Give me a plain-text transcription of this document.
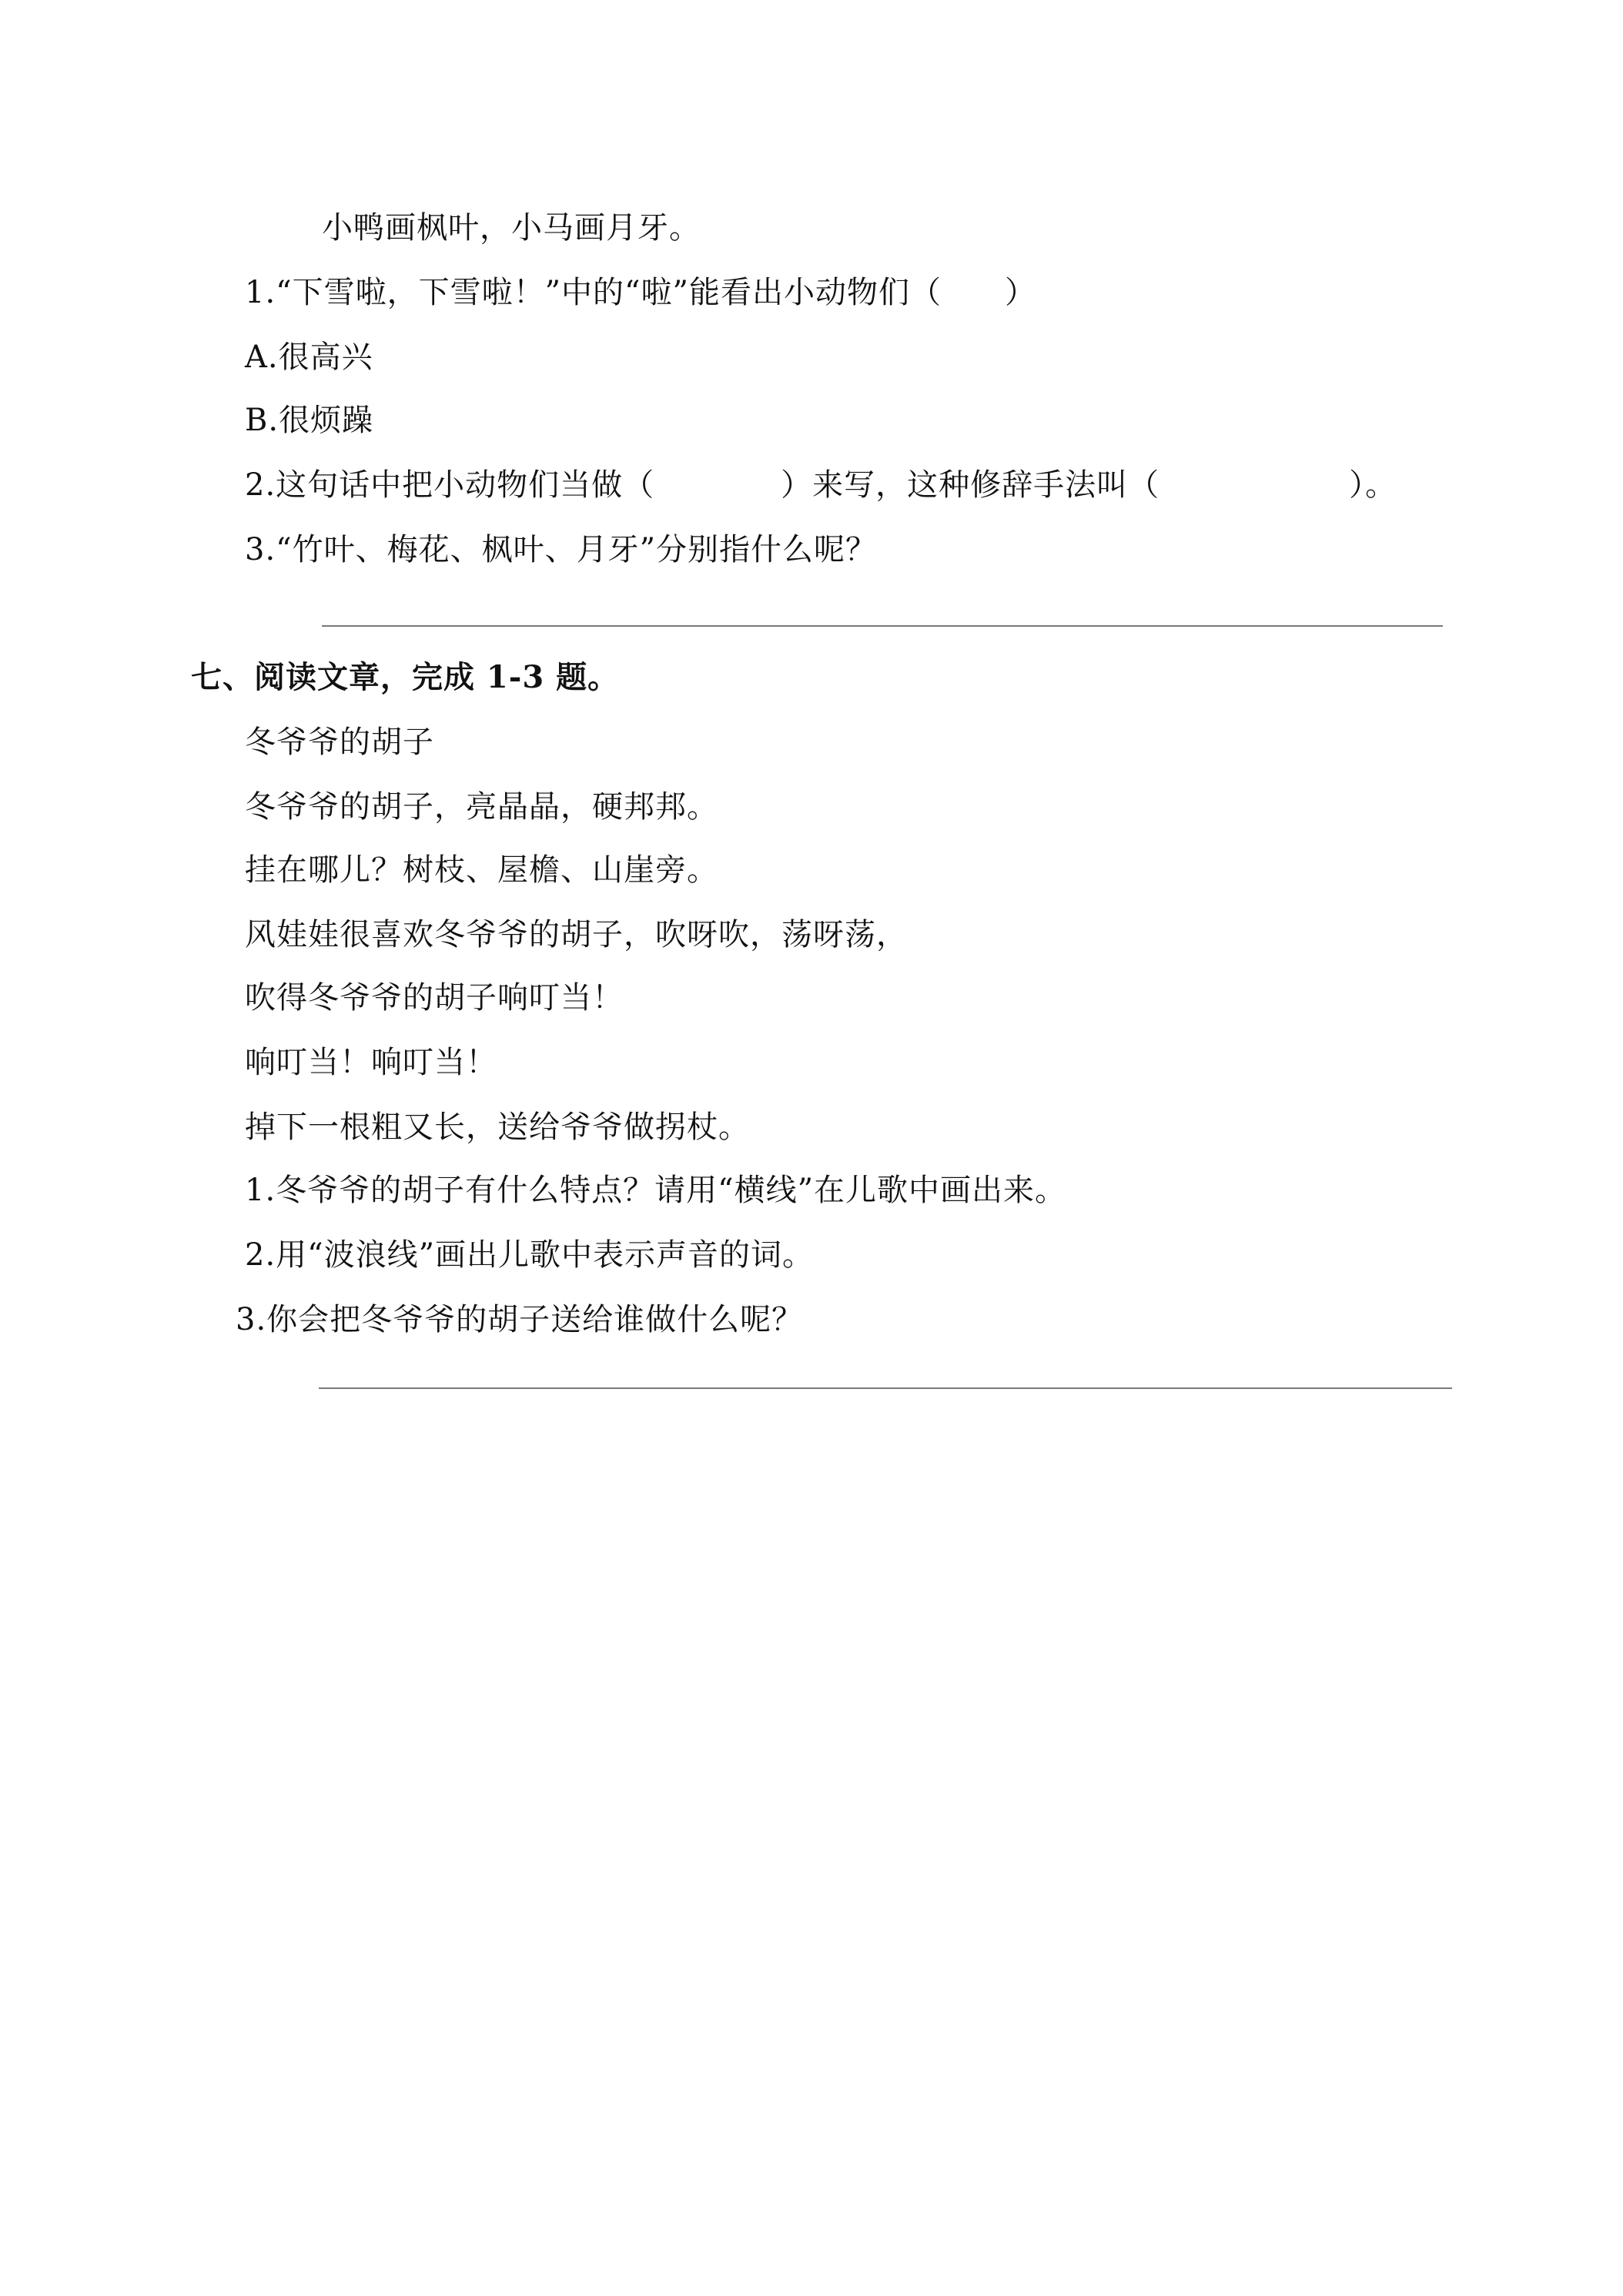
小鸭画枫叶，小马画月牙。
1.“下雪啦，下雪啦！”中的“啦”能看出小动物们（　　）
A.很高兴
B.很烦躁
2.这句话中把小动物们当做（　　　　）来写，这种修辞手法叫（　　　　　　）。
3.“竹叶、梅花、枫叶、月牙”分别指什么呢？
七、阅读文章，完成 1-3 题。
冬爷爷的胡子
冬爷爷的胡子，亮晶晶，硬邦邦。
挂在哪儿？树枝、屋檐、山崖旁。
风娃娃很喜欢冬爷爷的胡子，吹呀吹，荡呀荡，
吹得冬爷爷的胡子响叮当！
响叮当！响叮当！
掉下一根粗又长，送给爷爷做拐杖。
1.冬爷爷的胡子有什么特点？请用“横线”在儿歌中画出来。
2.用“波浪线”画出儿歌中表示声音的词。
3.你会把冬爷爷的胡子送给谁做什么呢？
